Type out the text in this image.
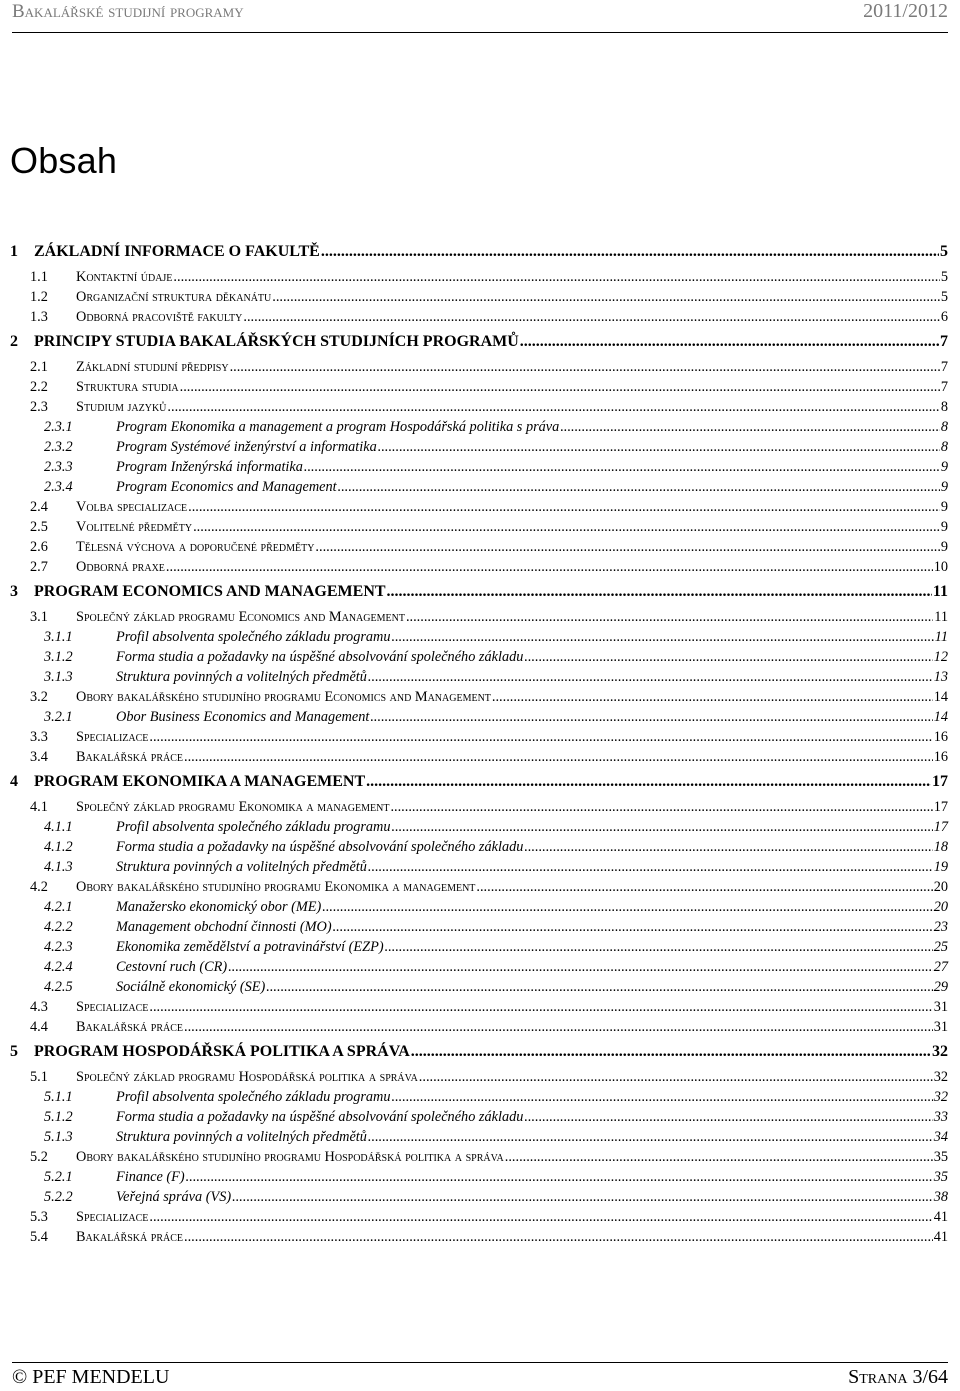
Bakalářské studijní programy	2011/2012
Obsah
1	ZÁKLADNÍ INFORMACE O FAKULTĚ .....	5
1.1	Kontaktní údaje .....	5
1.2	Organizační struktura děkanátu .....	5
1.3	Odborná pracoviště fakulty .....	6
2	PRINCIPY STUDIA BAKALÁŘSKÝCH STUDIJNÍCH PROGRAMŮ .....	7
2.1	Základní studijní předpisy .....	7
2.2	Struktura studia .....	7
2.3	Studium jazyků .....	8
2.3.1	Program Ekonomika a management a program Hospodářská politika s práva .....	8
2.3.2	Program Systémové inženýrství a informatika .....	8
2.3.3	Program Inženýrská informatika .....	9
2.3.4	Program Economics and Management .....	9
2.4	Volba specializace .....	9
2.5	Volitelné předměty .....	9
2.6	Tělesná výchova a doporučené předměty .....	9
2.7	Odborná praxe .....	10
3	PROGRAM ECONOMICS AND MANAGEMENT .....	11
3.1	Společný základ programu Economics and Management .....	11
3.1.1	Profil absolventa společného základu programu .....	11
3.1.2	Forma studia a požadavky na úspěšné absolvování společného základu .....	12
3.1.3	Struktura povinných a volitelných předmětů .....	13
3.2	Obory bakalářského studijního programu Economics and Management .....	14
3.2.1	Obor Business Economics and Management .....	14
3.3	Specializace .....	16
3.4	Bakalářská práce .....	16
4	PROGRAM EKONOMIKA A MANAGEMENT .....	17
4.1	Společný základ programu Ekonomika a management .....	17
4.1.1	Profil absolventa společného základu programu .....	17
4.1.2	Forma studia a požadavky na úspěšné absolvování společného základu .....	18
4.1.3	Struktura povinných a volitelných předmětů .....	19
4.2	Obory bakalářského studijního programu Ekonomika a management .....	20
4.2.1	Manažersko ekonomický obor (ME) .....	20
4.2.2	Management obchodní činnosti (MO) .....	23
4.2.3	Ekonomika zemědělství a potravinářství (EZP) .....	25
4.2.4	Cestovní ruch (CR) .....	27
4.2.5	Sociálně ekonomický (SE) .....	29
4.3	Specializace .....	31
4.4	Bakalářská práce .....	31
5	PROGRAM HOSPODÁŘSKÁ POLITIKA A SPRÁVA .....	32
5.1	Společný základ programu Hospodářská politika a správa .....	32
5.1.1	Profil absolventa společného základu programu .....	32
5.1.2	Forma studia a požadavky na úspěšné absolvování společného základu .....	33
5.1.3	Struktura povinných a volitelných předmětů .....	34
5.2	Obory bakalářského studijního programu Hospodářská politika a správa .....	35
5.2.1	Finance (F) .....	35
5.2.2	Veřejná správa (VS) .....	38
5.3	Specializace .....	41
5.4	Bakalářská práce .....	41
© PEF MENDELU	Strana 3/64
